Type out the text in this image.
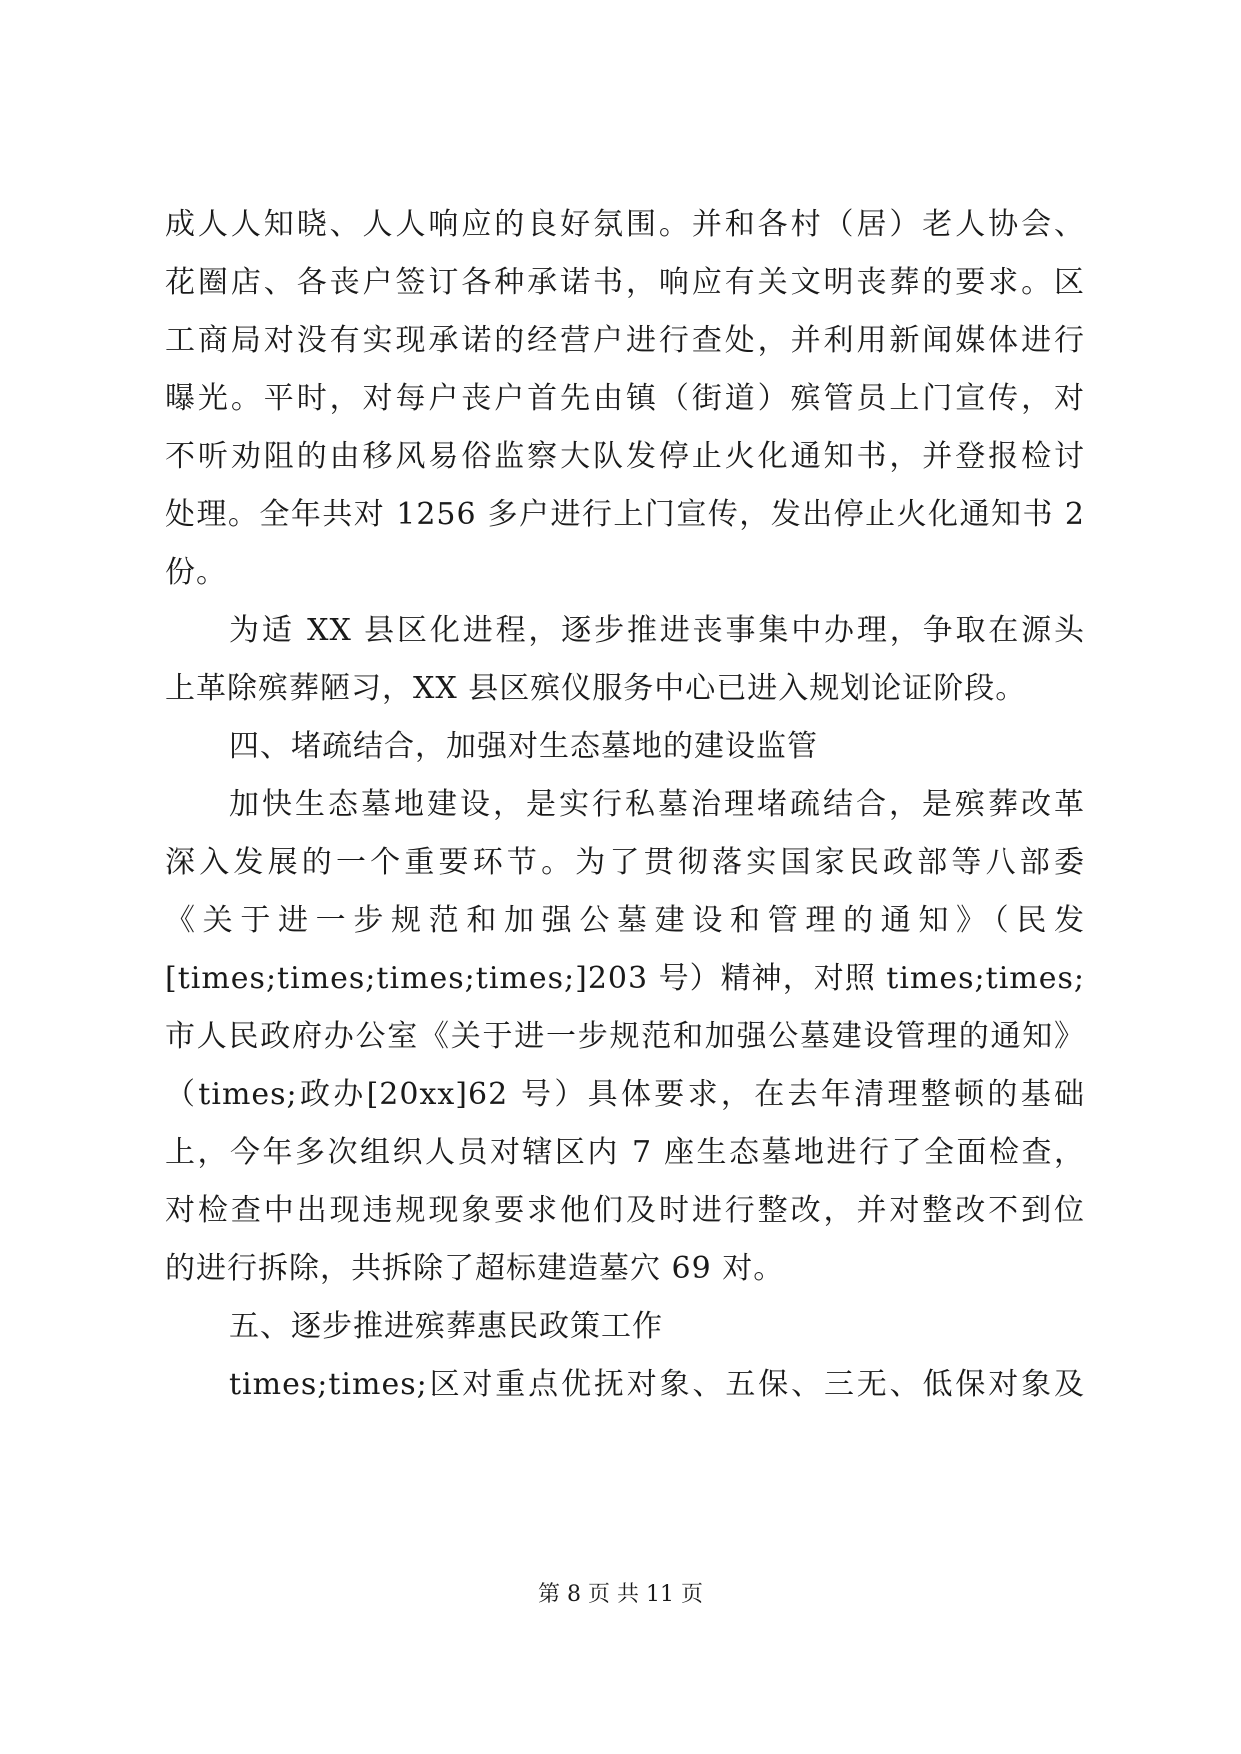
成人人知晓、人人响应的良好氛围。并和各村（居）老人协会、
花圈店、各丧户签订各种承诺书，响应有关文明丧葬的要求。区
工商局对没有实现承诺的经营户进行查处，并利用新闻媒体进行
曝光。平时，对每户丧户首先由镇（街道）殡管员上门宣传，对
不听劝阻的由移风易俗监察大队发停止火化通知书，并登报检讨
处理。全年共对 1256 多户进行上门宣传，发出停止火化通知书 2
份。
为适 XX 县区化进程，逐步推进丧事集中办理，争取在源头
上革除殡葬陋习，XX 县区殡仪服务中心已进入规划论证阶段。
四、堵疏结合，加强对生态墓地的建设监管
加快生态墓地建设，是实行私墓治理堵疏结合，是殡葬改革
深入发展的一个重要环节。为了贯彻落实国家民政部等八部委
《关于进一步规范和加强公墓建设和管理的通知》（民发
[times;times;times;times;]203 号）精神，对照 times;times;
市人民政府办公室《关于进一步规范和加强公墓建设管理的通知》
（times;政办[20xx]62 号）具体要求，在去年清理整顿的基础
上，今年多次组织人员对辖区内 7 座生态墓地进行了全面检查，
对检查中出现违规现象要求他们及时进行整改，并对整改不到位
的进行拆除，共拆除了超标建造墓穴 69 对。
五、逐步推进殡葬惠民政策工作
times;times;区对重点优抚对象、五保、三无、低保对象及
第 8 页 共 11 页
